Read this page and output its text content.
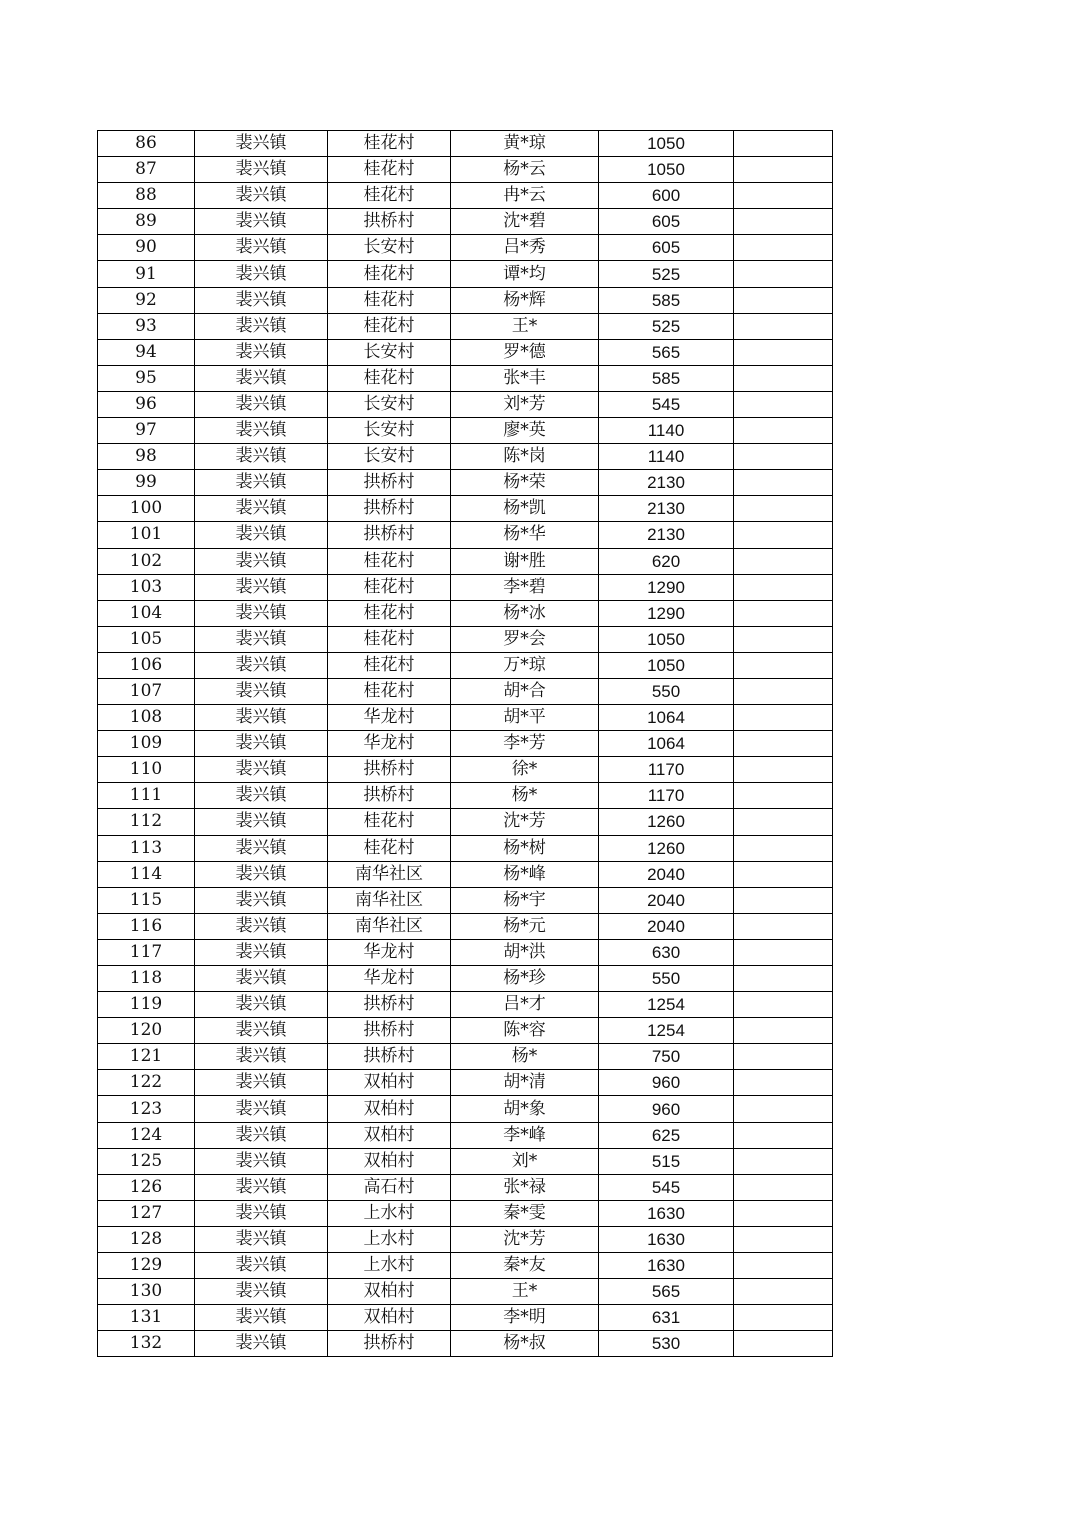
86	裴兴镇	桂花村	黄*琼	1050	
87	裴兴镇	桂花村	杨*云	1050	
88	裴兴镇	桂花村	冉*云	600	
89	裴兴镇	拱桥村	沈*碧	605	
90	裴兴镇	长安村	吕*秀	605	
91	裴兴镇	桂花村	谭*均	525	
92	裴兴镇	桂花村	杨*辉	585	
93	裴兴镇	桂花村	王*	525	
94	裴兴镇	长安村	罗*德	565	
95	裴兴镇	桂花村	张*丰	585	
96	裴兴镇	长安村	刘*芳	545	
97	裴兴镇	长安村	廖*英	1140	
98	裴兴镇	长安村	陈*岗	1140	
99	裴兴镇	拱桥村	杨*荣	2130	
100	裴兴镇	拱桥村	杨*凯	2130	
101	裴兴镇	拱桥村	杨*华	2130	
102	裴兴镇	桂花村	谢*胜	620	
103	裴兴镇	桂花村	李*碧	1290	
104	裴兴镇	桂花村	杨*冰	1290	
105	裴兴镇	桂花村	罗*会	1050	
106	裴兴镇	桂花村	万*琼	1050	
107	裴兴镇	桂花村	胡*合	550	
108	裴兴镇	华龙村	胡*平	1064	
109	裴兴镇	华龙村	李*芳	1064	
110	裴兴镇	拱桥村	徐*	1170	
111	裴兴镇	拱桥村	杨*	1170	
112	裴兴镇	桂花村	沈*芳	1260	
113	裴兴镇	桂花村	杨*树	1260	
114	裴兴镇	南华社区	杨*峰	2040	
115	裴兴镇	南华社区	杨*宇	2040	
116	裴兴镇	南华社区	杨*元	2040	
117	裴兴镇	华龙村	胡*洪	630	
118	裴兴镇	华龙村	杨*珍	550	
119	裴兴镇	拱桥村	吕*才	1254	
120	裴兴镇	拱桥村	陈*容	1254	
121	裴兴镇	拱桥村	杨*	750	
122	裴兴镇	双柏村	胡*清	960	
123	裴兴镇	双柏村	胡*象	960	
124	裴兴镇	双柏村	李*峰	625	
125	裴兴镇	双柏村	刘*	515	
126	裴兴镇	高石村	张*禄	545	
127	裴兴镇	上水村	秦*雯	1630	
128	裴兴镇	上水村	沈*芳	1630	
129	裴兴镇	上水村	秦*友	1630	
130	裴兴镇	双柏村	王*	565	
131	裴兴镇	双柏村	李*明	631	
132	裴兴镇	拱桥村	杨*叔	530	
